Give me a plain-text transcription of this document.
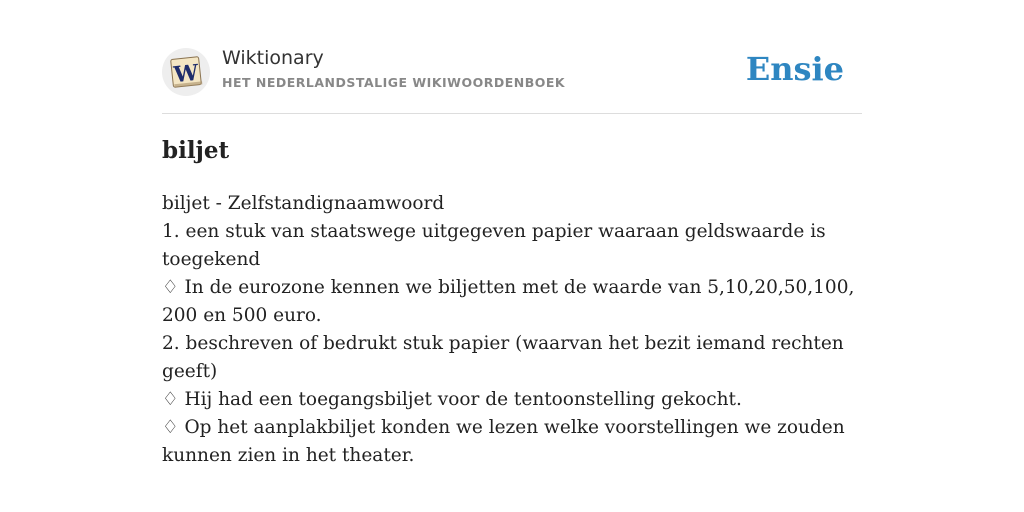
W
Wiktionary
HET NEDERLANDSTALIGE WIKIWOORDENBOEK	Ensie
biljet

biljet - Zelfstandignaamwoord

1. een stuk van staatswege uitgegeven papier waaraan geldswaarde is toegekend

♢ In de eurozone kennen we biljetten met de waarde van 5,10,20,50,100, 200 en 500 euro.

2. beschreven of bedrukt stuk papier (waarvan het bezit iemand rechten geeft)

♢ Hij had een toegangsbiljet voor de tentoonstelling gekocht.

♢ Op het aanplakbiljet konden we lezen welke voorstellingen we zouden kunnen zien in het theater.
